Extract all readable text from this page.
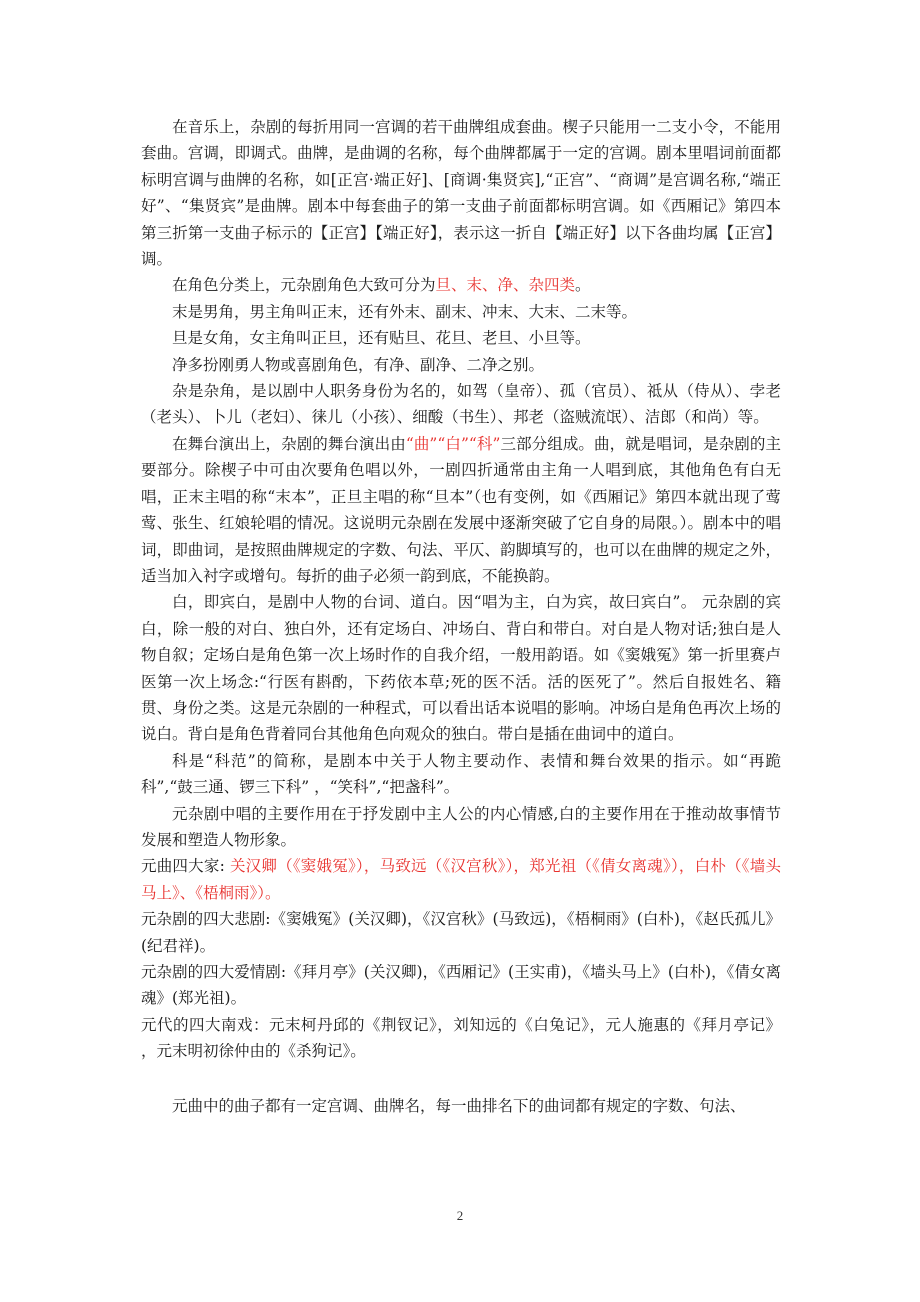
在音乐上，杂剧的每折用同一宫调的若干曲牌组成套曲。楔子只能用一二支小令，不能用套曲。宫调，即调式。曲牌，是曲调的名称，每个曲牌都属于一定的宫调。剧本里唱词前面都标明宫调与曲牌的名称，如[正宫·端正好]、[商调·集贤宾],“正宫”、“商调”是宫调名称,“端正好”、“集贤宾”是曲牌。剧本中每套曲子的第一支曲子前面都标明宫调。如《西厢记》第四本第三折第一支曲子标示的【正宫】【端正好】，表示这一折自【端正好】以下各曲均属【正宫】调。

在角色分类上，元杂剧角色大致可分为旦、末、净、杂四类。

末是男角，男主角叫正末，还有外末、副末、冲末、大末、二末等。

旦是女角，女主角叫正旦，还有贴旦、花旦、老旦、小旦等。

净多扮刚勇人物或喜剧角色，有净、副净、二净之别。

杂是杂角，是以剧中人职务身份为名的，如驾（皇帝）、孤（官员）、祗从（侍从）、孛老（老头）、卜儿（老妇）、徕儿（小孩）、细酸（书生）、邦老（盗贼流氓）、洁郎（和尚）等。

在舞台演出上，杂剧的舞台演出由“曲”“白”“科”三部分组成。曲，就是唱词，是杂剧的主要部分。除楔子中可由次要角色唱以外，一剧四折通常由主角一人唱到底，其他角色有白无唱，正末主唱的称“末本”，正旦主唱的称“旦本”（也有变例，如《西厢记》第四本就出现了莺莺、张生、红娘轮唱的情况。这说明元杂剧在发展中逐渐突破了它自身的局限。）。剧本中的唱词，即曲词，是按照曲牌规定的字数、句法、平仄、韵脚填写的，也可以在曲牌的规定之外，适当加入衬字或增句。每折的曲子必须一韵到底，不能换韵。

白，即宾白，是剧中人物的台词、道白。因“唱为主，白为宾，故曰宾白”。 元杂剧的宾白，除一般的对白、独白外，还有定场白、冲场白、背白和带白。对白是人物对话;独白是人物自叙；定场白是角色第一次上场时作的自我介绍，一般用韵语。如《窦娥冤》第一折里赛卢医第一次上场念:“行医有斟酌，下药依本草;死的医不活。活的医死了”。然后自报姓名、籍贯、身份之类。这是元杂剧的一种程式，可以看出话本说唱的影响。冲场白是角色再次上场的说白。背白是角色背着同台其他角色向观众的独白。带白是插在曲词中的道白。

科是“科范”的简称，是剧本中关于人物主要动作、表情和舞台效果的指示。如“再跪科”,“鼓三通、锣三下科” ，“笑科”,“把盏科”。

元杂剧中唱的主要作用在于抒发剧中主人公的内心情感,白的主要作用在于推动故事情节发展和塑造人物形象。

元曲四大家: 关汉卿（《窦娥冤》），马致远（《汉宫秋》），郑光祖（《倩女离魂》），白朴（《墙头马上》、《梧桐雨》）。

元杂剧的四大悲剧:《窦娥冤》(关汉卿)，《汉宫秋》(马致远)，《梧桐雨》(白朴)，《赵氏孤儿》(纪君祥)。

元杂剧的四大爱情剧:《拜月亭》(关汉卿)，《西厢记》(王实甫)，《墙头马上》(白朴)，《倩女离魂》(郑光祖)。

元代的四大南戏：元末柯丹邱的《荆钗记》，刘知远的《白兔记》，元人施惠的《拜月亭记》 ，元末明初徐仲由的《杀狗记》。

元曲中的曲子都有一定宫调、曲牌名，每一曲排名下的曲词都有规定的字数、句法、

2
